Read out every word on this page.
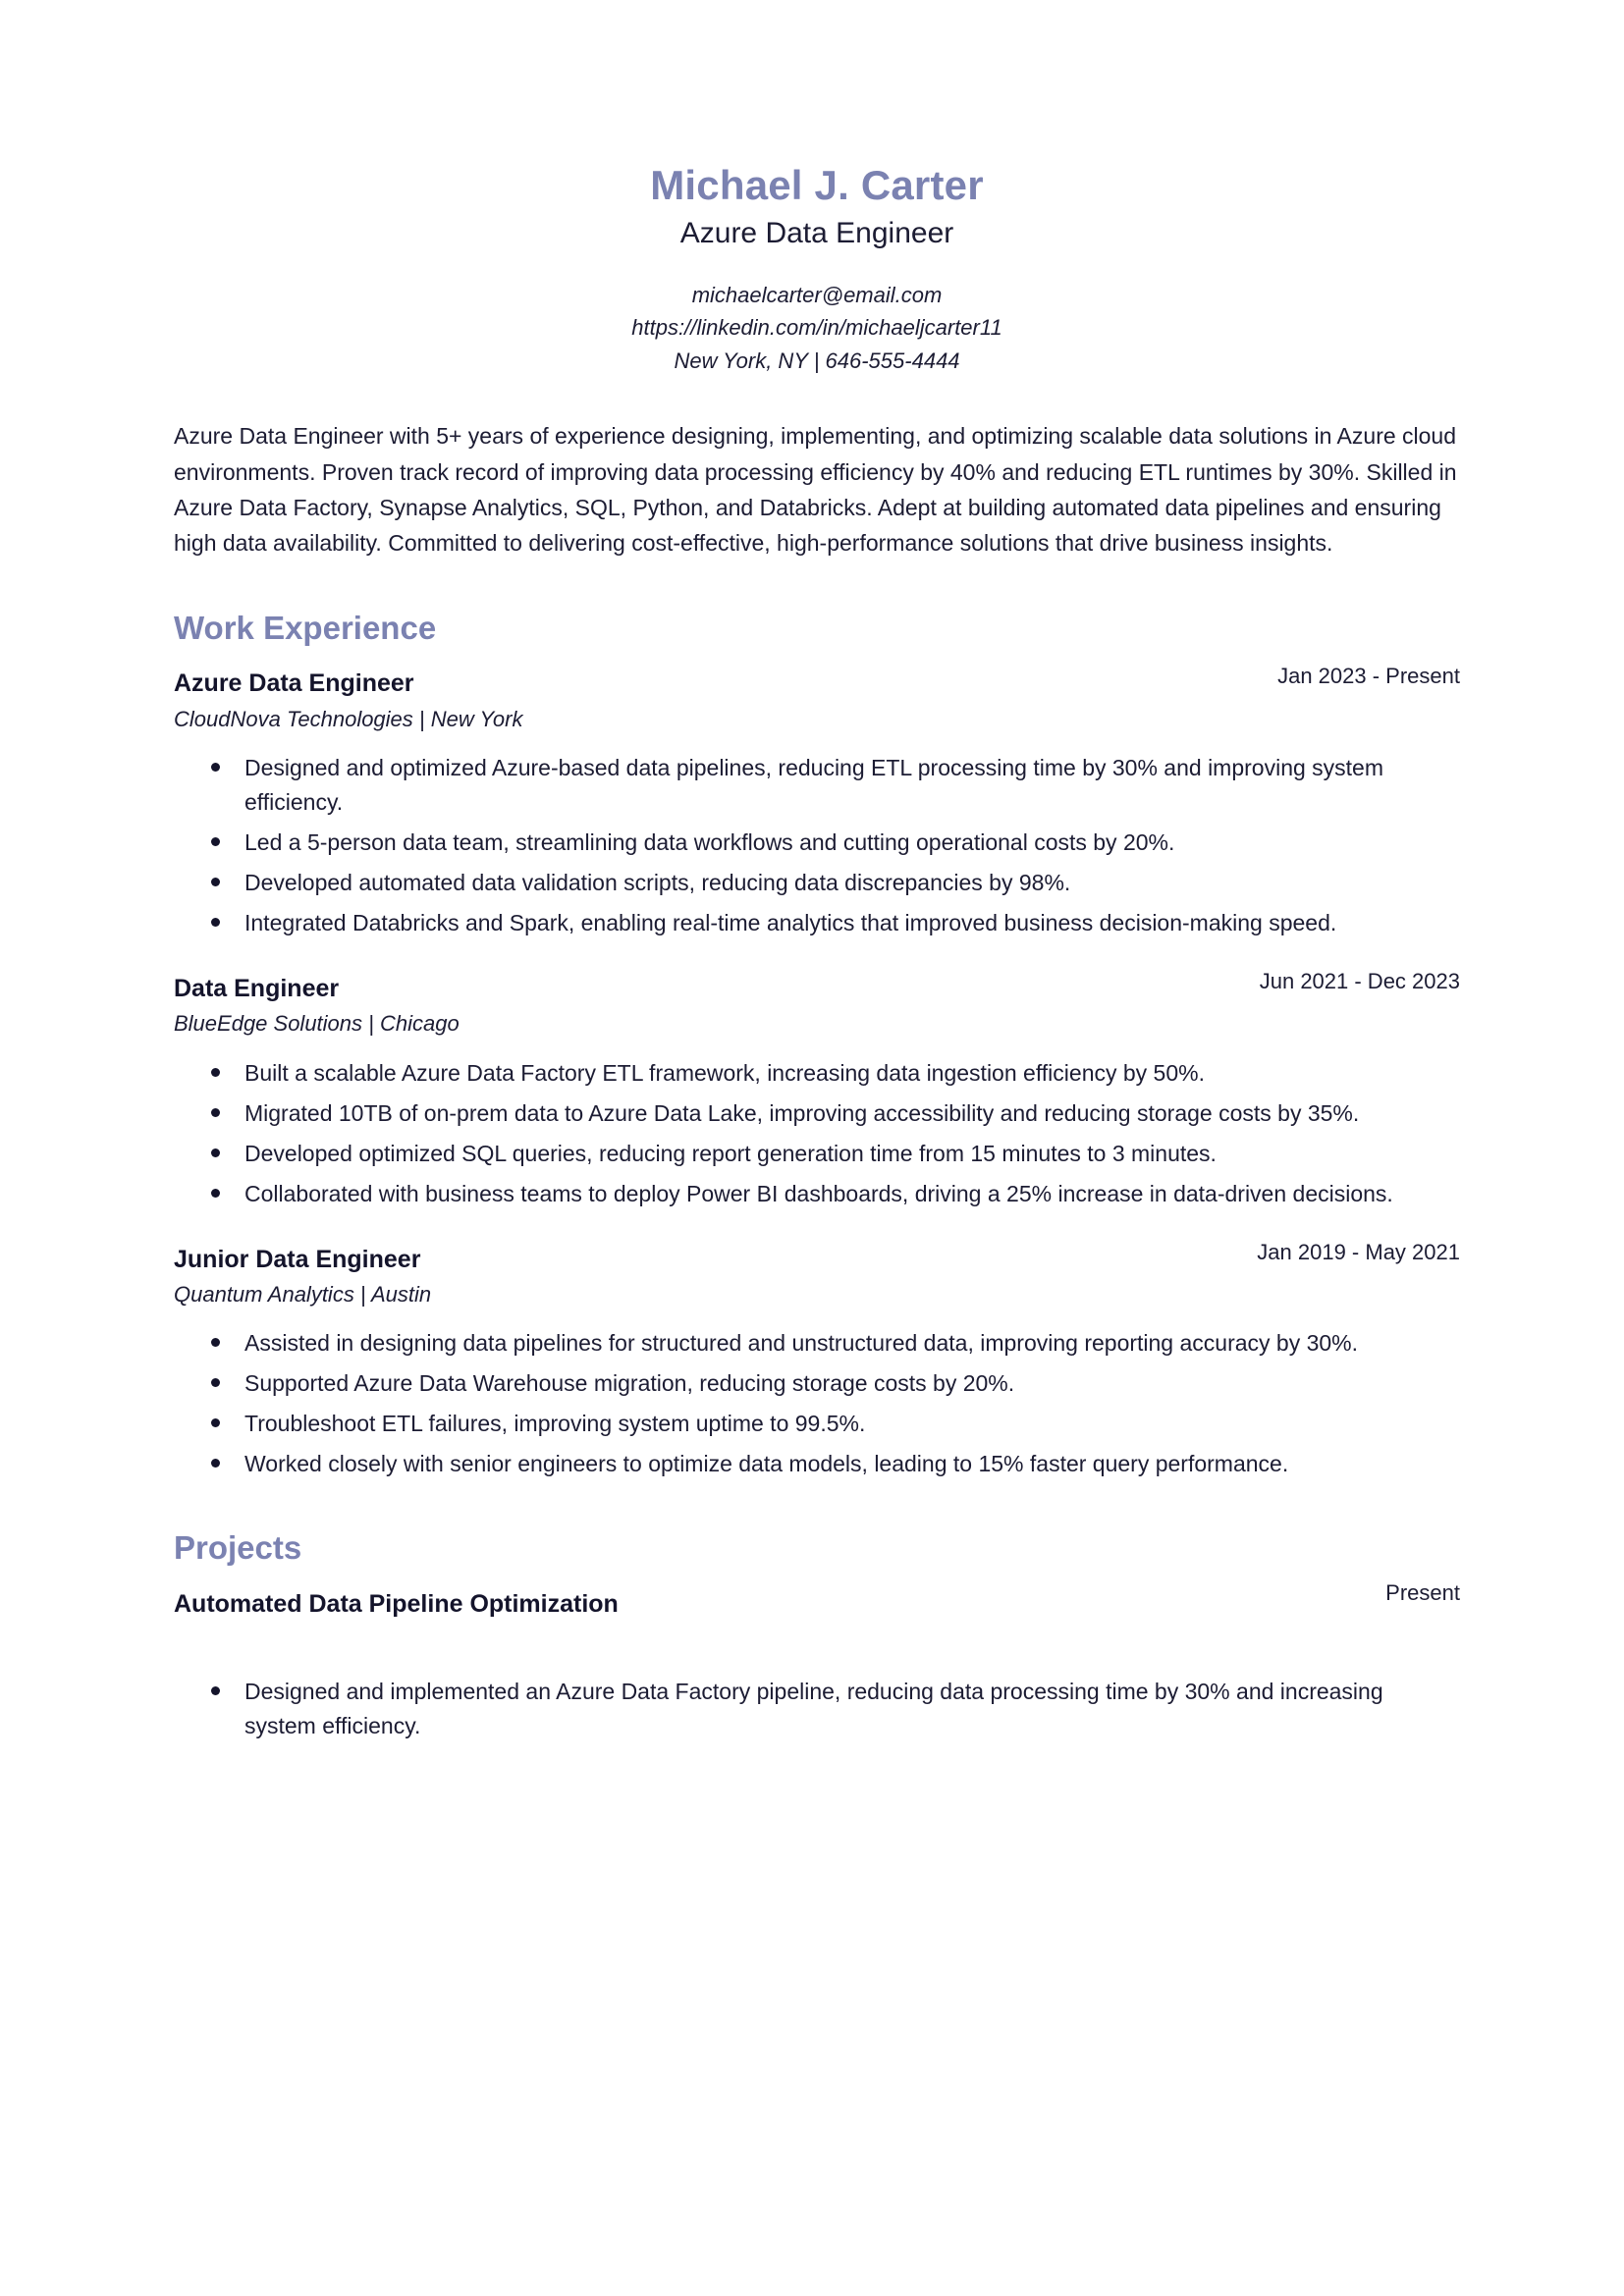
Michael J. Carter
Azure Data Engineer
michaelcarter@email.com
https://linkedin.com/in/michaeljcarter11
New York, NY | 646-555-4444
Azure Data Engineer with 5+ years of experience designing, implementing, and optimizing scalable data solutions in Azure cloud environments. Proven track record of improving data processing efficiency by 40% and reducing ETL runtimes by 30%. Skilled in Azure Data Factory, Synapse Analytics, SQL, Python, and Databricks. Adept at building automated data pipelines and ensuring high data availability. Committed to delivering cost-effective, high-performance solutions that drive business insights.
Work Experience
Azure Data Engineer	Jan 2023 - Present
CloudNova Technologies | New York
Designed and optimized Azure-based data pipelines, reducing ETL processing time by 30% and improving system efficiency.
Led a 5-person data team, streamlining data workflows and cutting operational costs by 20%.
Developed automated data validation scripts, reducing data discrepancies by 98%.
Integrated Databricks and Spark, enabling real-time analytics that improved business decision-making speed.
Data Engineer	Jun 2021 - Dec 2023
BlueEdge Solutions | Chicago
Built a scalable Azure Data Factory ETL framework, increasing data ingestion efficiency by 50%.
Migrated 10TB of on-prem data to Azure Data Lake, improving accessibility and reducing storage costs by 35%.
Developed optimized SQL queries, reducing report generation time from 15 minutes to 3 minutes.
Collaborated with business teams to deploy Power BI dashboards, driving a 25% increase in data-driven decisions.
Junior Data Engineer	Jan 2019 - May 2021
Quantum Analytics | Austin
Assisted in designing data pipelines for structured and unstructured data, improving reporting accuracy by 30%.
Supported Azure Data Warehouse migration, reducing storage costs by 20%.
Troubleshoot ETL failures, improving system uptime to 99.5%.
Worked closely with senior engineers to optimize data models, leading to 15% faster query performance.
Projects
Automated Data Pipeline Optimization	Present
Designed and implemented an Azure Data Factory pipeline, reducing data processing time by 30% and increasing system efficiency.
